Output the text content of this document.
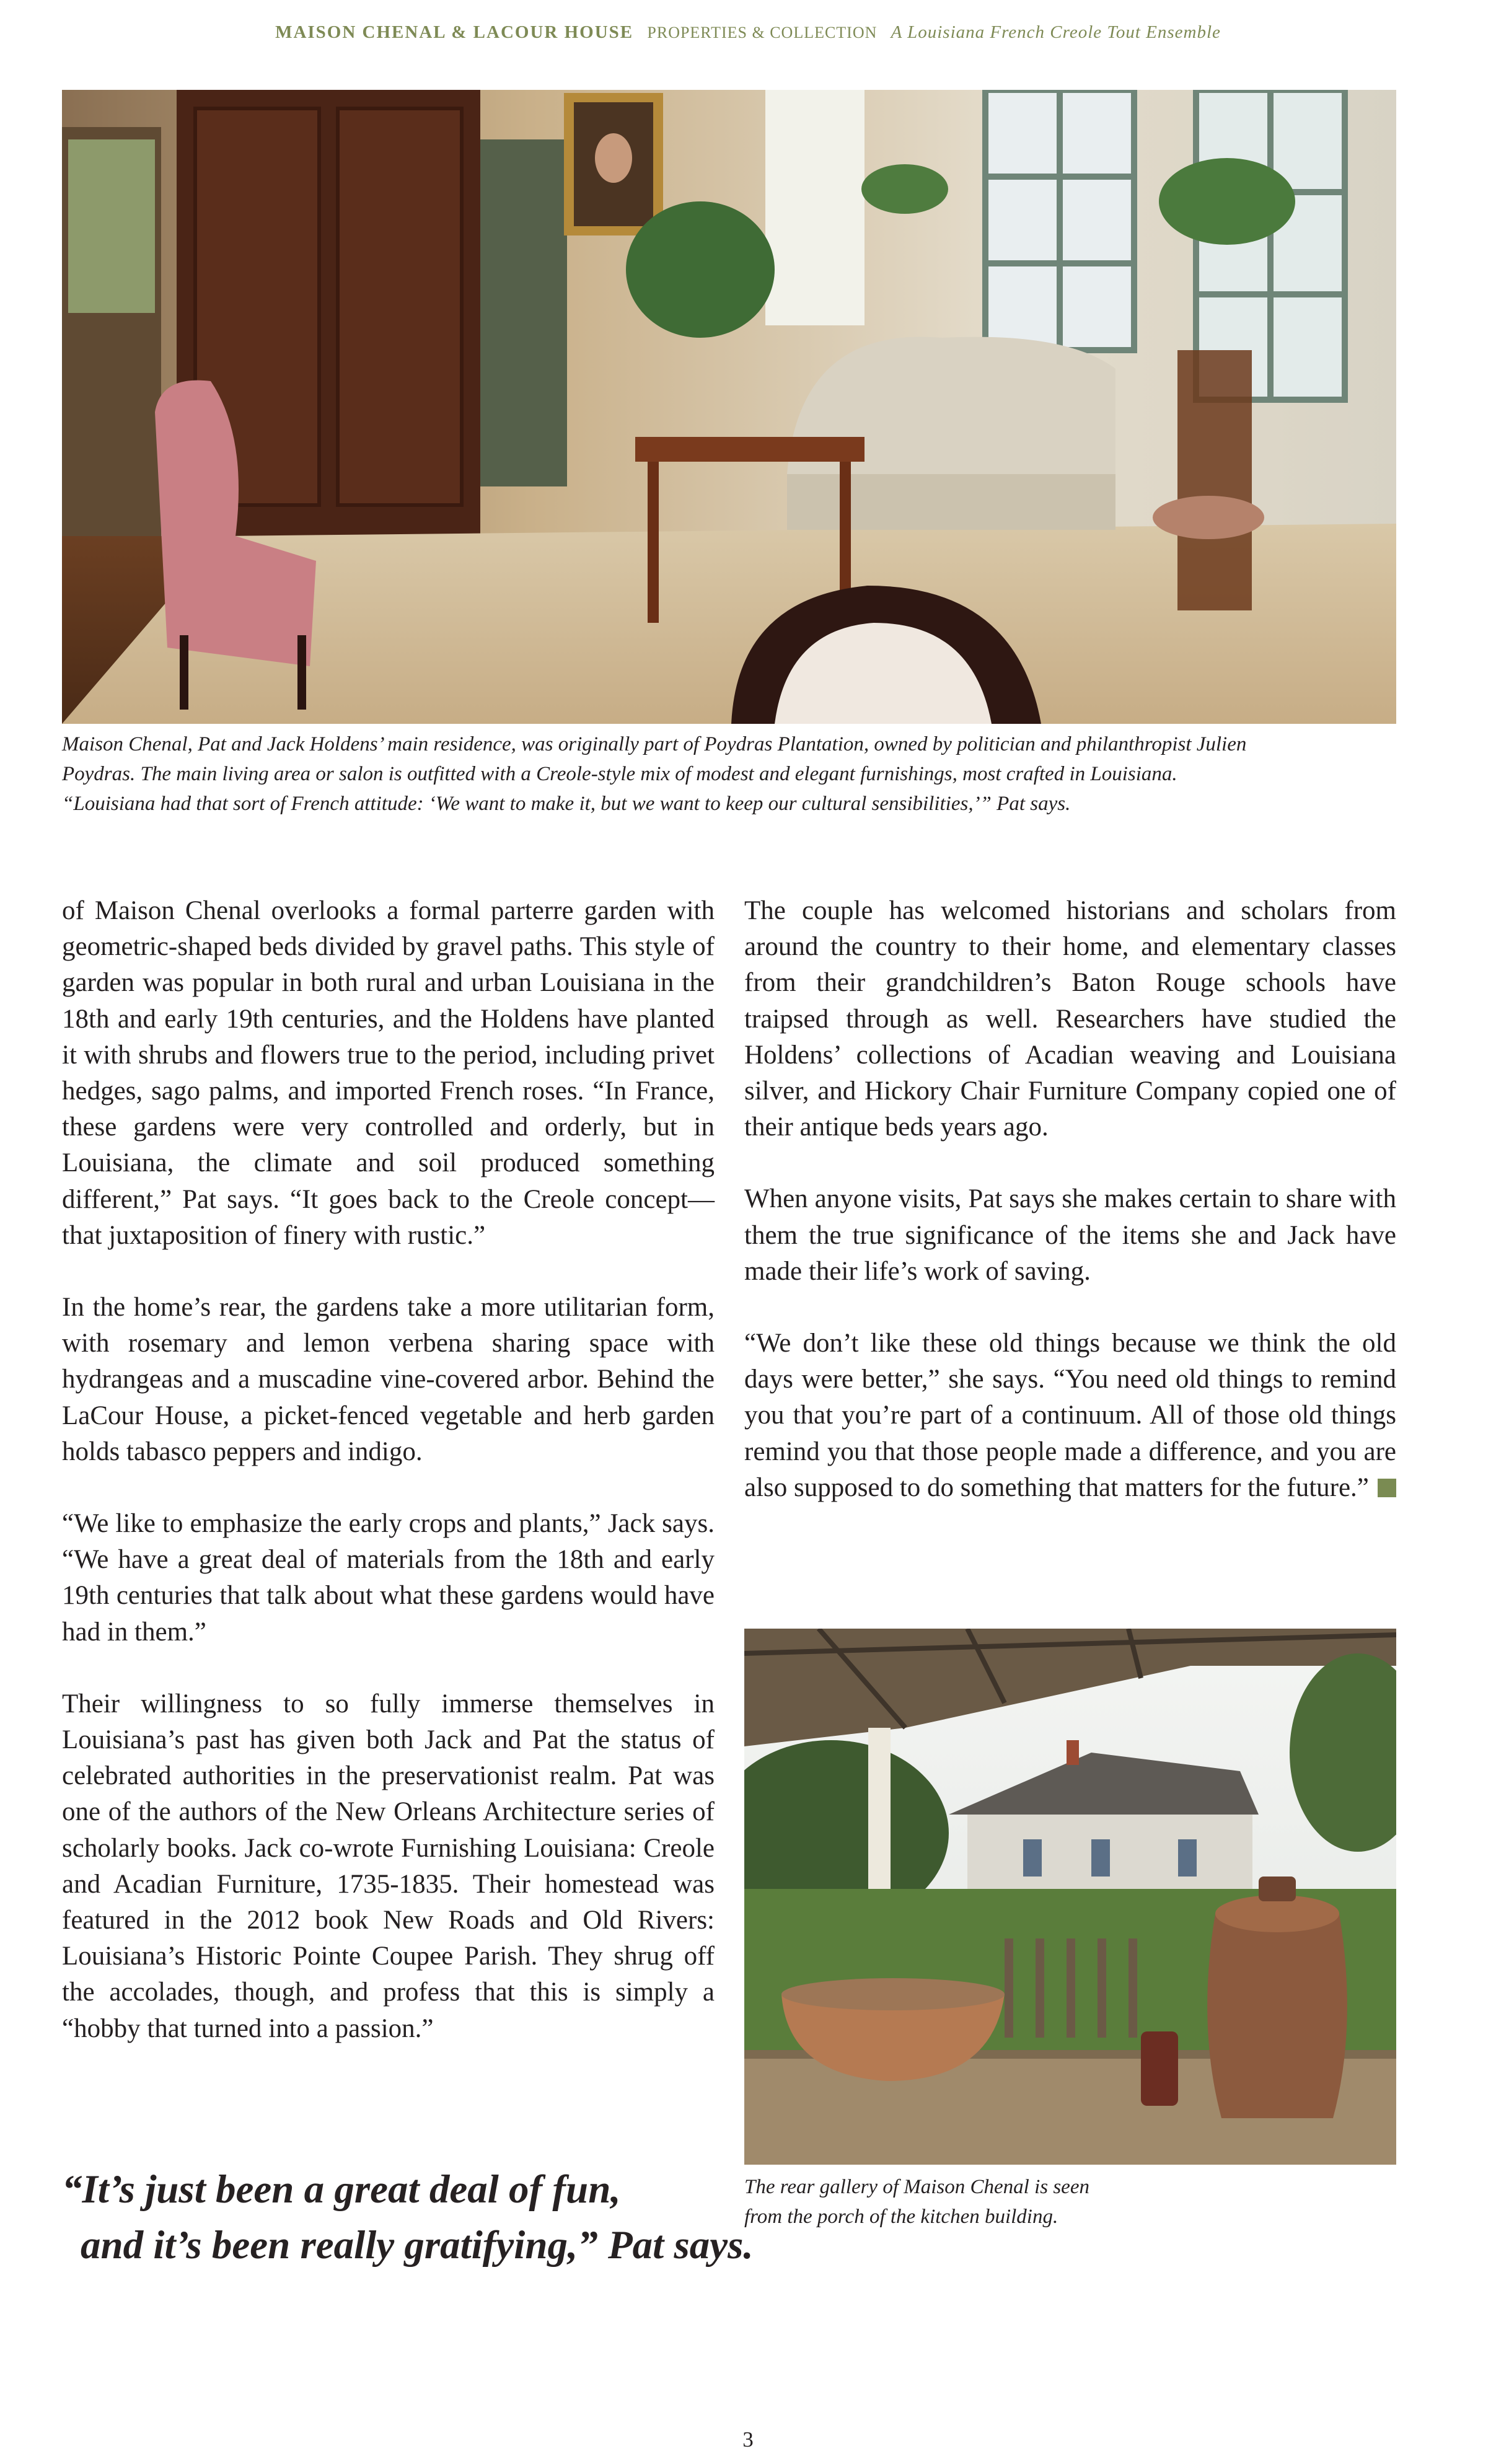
MAISON CHENAL & LACOUR HOUSE PROPERTIES & COLLECTION A Louisiana French Creole Tout Ensemble

Maison Chenal, Pat and Jack Holdens’ main residence, was originally part of Poydras Plantation, owned by politician and philanthropist Julien

Poydras. The main living area or salon is outfitted with a Creole-style mix of modest and elegant furnishings, most crafted in Louisiana.

“Louisiana had that sort of French attitude: ‘We want to make it, but we want to keep our cultural sensibilities,’” Pat says.

of Maison Chenal overlooks a formal parterre garden with geometric-shaped beds divided by gravel paths. This style of garden was popular in both rural and urban Louisiana in the 18th and early 19th centuries, and the Holdens have planted it with shrubs and flowers true to the period, including privet hedges, sago palms, and imported French roses. “In France, these gardens were very controlled and orderly, but in Louisiana, the climate and soil produced something different,” Pat says. “It goes back to the Creole concept—that juxtaposition of finery with rustic.”

In the home’s rear, the gardens take a more utilitarian form, with rosemary and lemon verbena sharing space with hydrangeas and a muscadine vine-covered arbor. Behind the LaCour House, a picket-fenced vegetable and herb garden holds tabasco peppers and indigo.

“We like to emphasize the early crops and plants,” Jack says. “We have a great deal of materials from the 18th and early 19th centuries that talk about what these gardens would have had in them.”

Their willingness to so fully immerse themselves in Louisiana’s past has given both Jack and Pat the status of celebrated authorities in the preservationist realm. Pat was one of the authors of the New Orleans Architecture series of scholarly books. Jack co-wrote Furnishing Louisiana: Creole and Acadian Furniture, 1735-1835. Their homestead was featured in the 2012 book New Roads and Old Rivers: Louisiana’s Historic Pointe Coupee Parish. They shrug off the accolades, though, and profess that this is simply a “hobby that turned into a passion.”

The couple has welcomed historians and scholars from around the country to their home, and elementary classes from their grandchildren’s Baton Rouge schools have traipsed through as well. Researchers have studied the Holdens’ collections of Acadian weaving and Louisiana silver, and Hickory Chair Furniture Company copied one of their antique beds years ago.

When anyone visits, Pat says she makes certain to share with them the true significance of the items she and Jack have made their life’s work of saving.

“We don’t like these old things because we think the old days were better,” she says. “You need old things to remind you that you’re part of a continuum. All of those old things remind you that those people made a difference, and you are also supposed to do something that matters for the future.”

The rear gallery of Maison Chenal is seen

from the porch of the kitchen building.

“It’s just been a great deal of fun,
and it’s been really gratifying,” Pat says.
3
